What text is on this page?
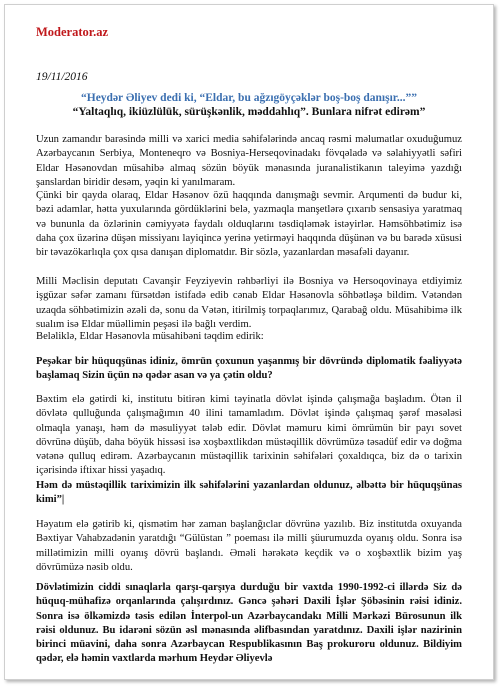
Moderator.az
19/11/2016
“Heydər Əliyev dedi ki, “Eldar, bu ağzıgöyçəklər boş-boş danışır...””
“Yaltaqlıq, ikiüzlülük, sürüşkənlik, məddahlıq”. Bunlara nifrət edirəm”

Uzun zamandır barəsində milli və xarici media səhifələrində ancaq rəsmi məlumatlar oxuduğumuz Azərbaycanın Serbiya, Monteneqro və Bosniya-Herseqovinadakı fövqəladə və səlahiyyətli səfiri Eldar Həsənovdan müsahibə almaq sözün böyük mənasında juranalistikanın taleyimə yazdığı şanslardan biridir desəm, yəqin ki yanılmaram.

Çünki bir qayda olaraq, Eldar Həsənov özü haqqında danışmağı sevmir. Arqumenti də budur ki, bəzi adamlar, hətta yuxularında gördüklərini belə, yazmaqla manşetlərə çıxarıb sensasiya yaratmaq və bununla da özlərinin cəmiyyətə faydalı olduqlarını təsdiqləmək istəyirlər. Həmsöhbətimiz isə daha çox üzərinə düşən missiyanı layiqincə yerinə yetirməyi haqqında düşünən və bu barədə xüsusi bir təvazökarlıqla çox qısa danışan diplomatdır. Bir sözlə, yazanlardan məsafəli dayanır.

Milli Məclisin deputatı Cavanşir Feyziyevin rəhbərliyi ilə Bosniya və Hersoqovinaya etdiyimiz işgüzar səfər zamanı fürsətdən istifadə edib cənab Eldar Həsənovla söhbətləşə bildim. Vətəndən uzaqda söhbətimizin əzəli də, sonu da Vətən, itirilmiş torpaqlarımız, Qarabağ oldu. Müsahibimə ilk sualım isə Eldar müəllimin peşəsi ilə bağlı verdim.

Beləliklə, Eldar Həsənovla müsahibəni təqdim edirik:

Peşəkar bir hüquqşünas idiniz, ömrün çoxunun yaşanmış bir dövründə diplomatik fəaliyyətə başlamaq Sizin üçün nə qədər asan və ya çətin oldu?

Bəxtim elə gətirdi ki, institutu bitirən kimi təyinatla dövlət işində çalışmağa başladım. Ötən il dövlətə qulluğunda çalışmağımın 40 ilini tamamladım. Dövlət işində çalışmaq şərəf məsələsi olmaqla yanaşı, həm də məsuliyyət tələb edir. Dövlət məmuru kimi ömrümün bir payı sovet dövrünə düşüb, daha böyük hissəsi isə xoşbəxtlikdən müstəqillik dövrümüzə təsadüf edir və doğma vətənə qulluq edirəm. Azərbaycanın müstəqillik tarixinin səhifələri çoxaldıqca, biz də o tarixin içərisində iftixar hissi yaşadıq.

Həm də müstəqillik tariximizin ilk səhifələrini yazanlardan oldunuz, əlbəttə bir hüquqşünas kimi”|

Həyatım elə gətirib ki, qismətim hər zaman başlanğıclar dövrünə yazılıb. Biz institutda oxuyanda Bəxtiyar Vahabzadənin yaratdığı “Gülüstan ” poeması ilə milli şüurumuzda oyanış oldu. Sonra isə millətimizin milli oyanış dövrü başlandı. Əməli hərəkətə keçdik və o xoşbəxtlik bizim yaş dövrümüzə nəsib oldu.

Dövlətimizin ciddi sınaqlarla qarşı-qarşıya durduğu bir vaxtda 1990-1992-ci illərdə Siz də hüquq-mühafizə orqanlarında çalışırdınız. Gəncə şəhəri Daxili İşlər Şöbəsinin rəisi idiniz. Sonra isə ölkəmizdə təsis edilən İnterpol-un Azərbaycandakı Milli Mərkəzi Bürosunun ilk rəisi oldunuz. Bu idarəni sözün əsl mənasında əlifbasından yaratdınız. Daxili işlər nazirinin birinci müavini, daha sonra Azərbaycan Respublikasının Baş prokuroru oldunuz. Bildiyim qədər, elə həmin vaxtlarda mərhum Heydər Əliyevlə
